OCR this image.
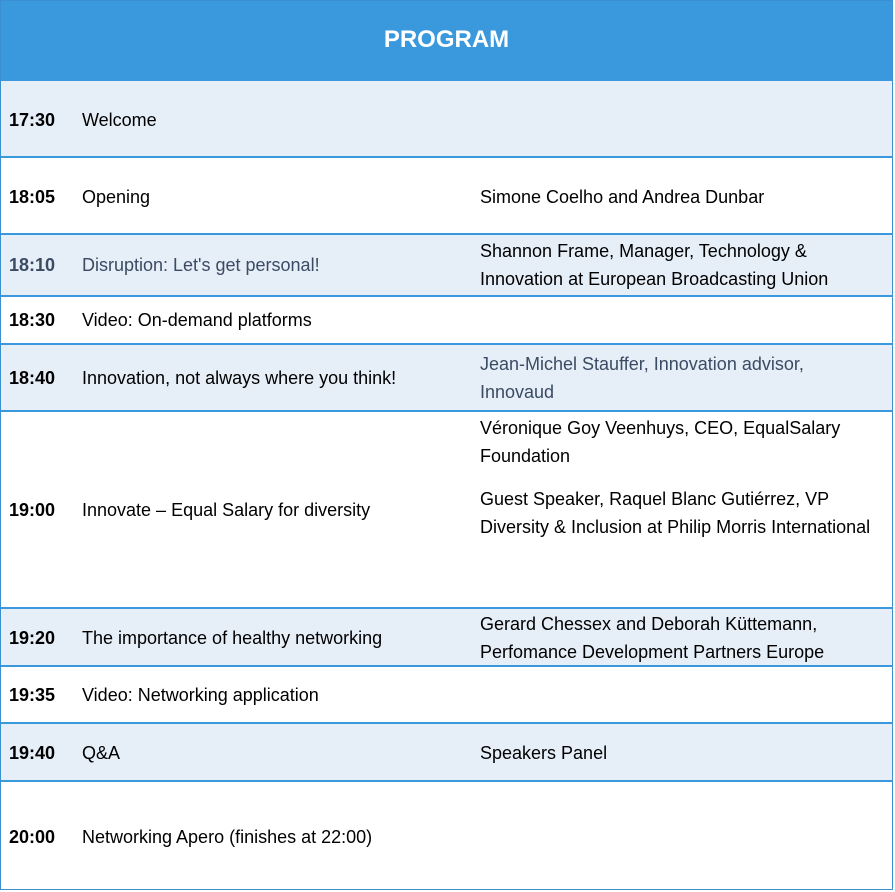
PROGRAM
17:30 Welcome
18:05 Opening	Simone Coelho and Andrea Dunbar
18:10 Disruption: Let's get personal!
Shannon Frame, Manager, Technology & Innovation at European Broadcasting Union
18:30 Video: On-demand platforms
18:40 Innovation, not always where you think!
Jean-Michel Stauffer, Innovation advisor, Innovaud
19:00 Innovate – Equal Salary for diversity
Véronique Goy Veenhuys, CEO, EqualSalary Foundation
Guest Speaker, Raquel Blanc Gutiérrez, VP Diversity & Inclusion at Philip Morris International
19:20 The importance of healthy networking
Gerard Chessex and Deborah Küttemann, Perfomance Development Partners Europe
19:35 Video: Networking application
19:40 Q&A	Speakers Panel
20:00 Networking Apero (finishes at 22:00)
